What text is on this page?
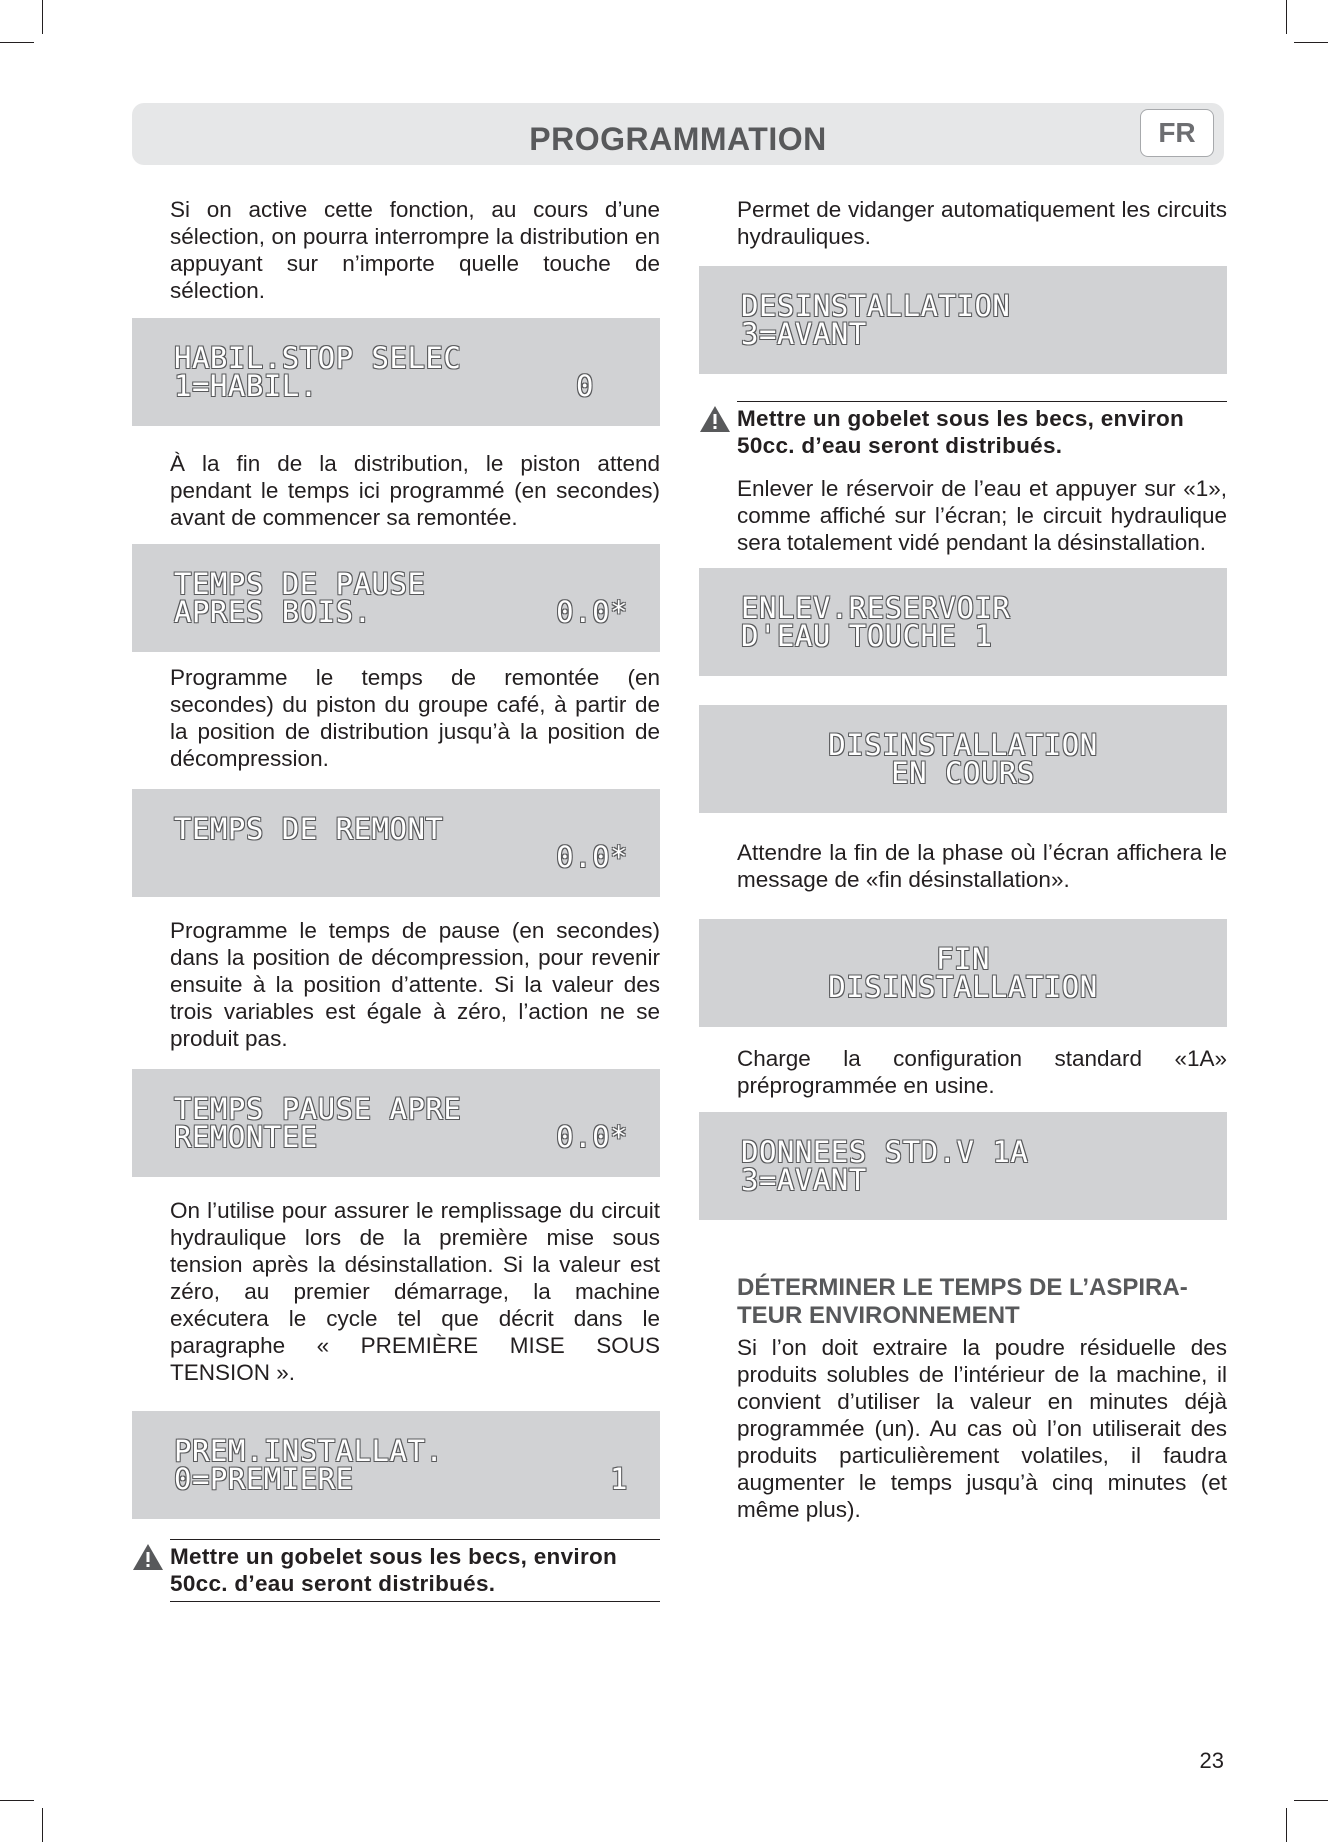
PROGRAMMATION	FR

Si on active cette fonction, au cours d’une sélection, on pourra interrompre la distribution en appuyant sur n’importe quelle touche de sélection.

HABIL.STOP SELEC
1=HABIL.	0

À la fin de la distribution, le piston attend pendant le temps ici programmé (en secondes) avant de commencer sa remontée.

TEMPS DE PAUSE
APRES BOIS.	0.0*

Programme le temps de remontée (en secondes) du piston du groupe café, à partir de la position de distribution jusqu’à la position de décompression.

TEMPS DE REMONT
0.0*

Programme le temps de pause (en secondes) dans la position de décompression, pour revenir ensuite à la position d’attente. Si la valeur des trois variables est égale à zéro, l’action ne se produit pas.

TEMPS PAUSE APRE
REMONTEE	0.0*

On l’utilise pour assurer le remplissage du circuit hydraulique lors de la première mise sous tension après la désinstallation. Si la valeur est zéro, au premier démarrage, la machine exécutera le cycle tel que décrit dans le paragraphe « PREMIÈRE MISE SOUS TENSION ».

PREM.INSTALLAT.
0=PREMIERE	1
Mettre un gobelet sous les becs, environ 50cc. d’eau seront distribués.

Permet de vidanger automatiquement les circuits hydrauliques.

DESINSTALLATION
3=AVANT
Mettre un gobelet sous les becs, environ 50cc. d’eau seront distribués.

Enlever le réservoir de l’eau et appuyer sur «1», comme affiché sur l’écran; le circuit hydraulique sera totalement vidé pendant la désinstallation.

ENLEV.RESERVOIR
D'EAU TOUCHE 1
DISINSTALLATION
EN COURS

Attendre la fin de la phase où l’écran affichera le message de «fin désinstallation».

FIN
DISINSTALLATION

Charge la configuration standard «1A» préprogrammée en usine.

DONNEES STD.V 1A
3=AVANT
DÉTERMINER LE TEMPS DE L’ASPIRA-
TEUR ENVIRONNEMENT

Si l’on doit extraire la poudre résiduelle des produits solubles de l’intérieur de la machine, il convient d’utiliser la valeur en minutes déjà programmée (un). Au cas où l’on utiliserait des produits particulièrement volatiles, il faudra augmenter le temps jusqu’à cinq minutes (et même plus).

23
